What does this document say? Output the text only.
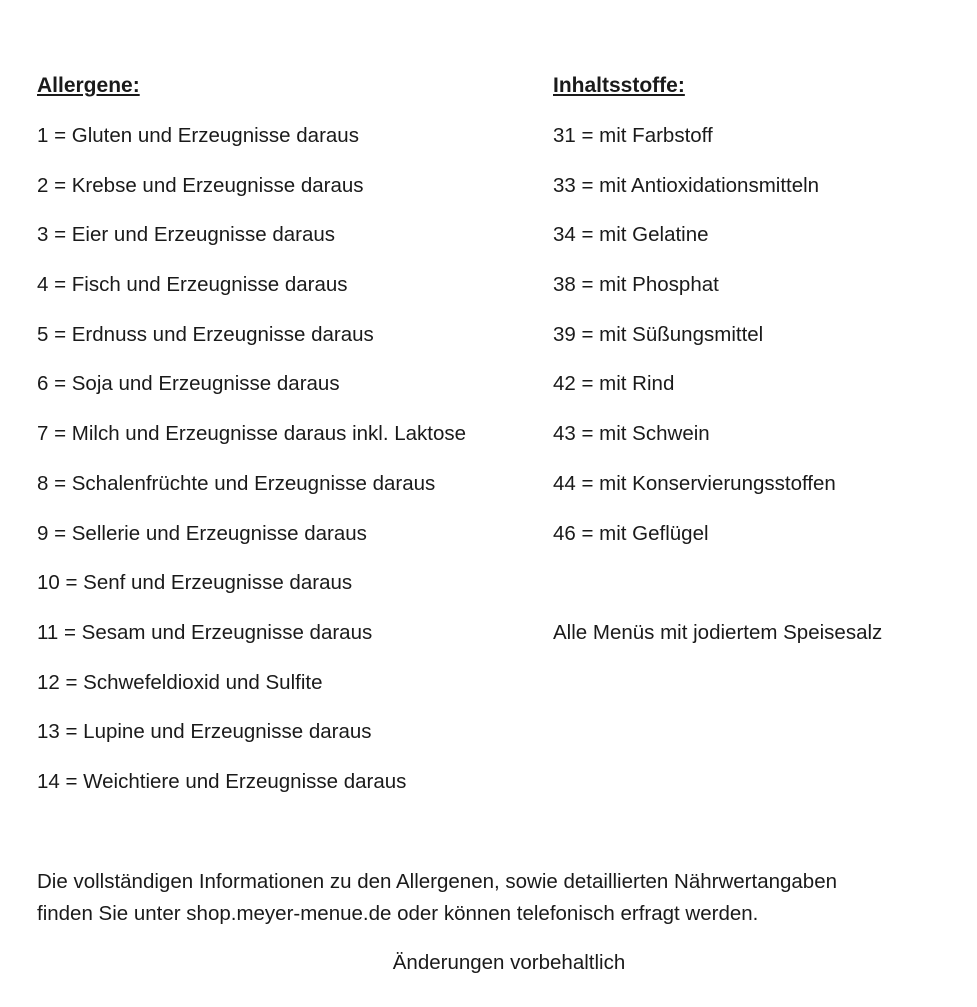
Allergene:
1 = Gluten und Erzeugnisse daraus
2 = Krebse und Erzeugnisse daraus
3 = Eier und Erzeugnisse daraus
4 = Fisch und Erzeugnisse daraus
5 = Erdnuss und Erzeugnisse daraus
6 = Soja und Erzeugnisse daraus
7 = Milch und Erzeugnisse daraus inkl. Laktose
8 = Schalenfrüchte und Erzeugnisse daraus
9 = Sellerie und Erzeugnisse daraus
10 = Senf und Erzeugnisse daraus
11 = Sesam und Erzeugnisse daraus
12 = Schwefeldioxid und Sulfite
13 = Lupine und Erzeugnisse daraus
14 = Weichtiere und Erzeugnisse daraus
Inhaltsstoffe:
31 = mit Farbstoff
33 = mit Antioxidationsmitteln
34 = mit Gelatine
38 = mit Phosphat
39 = mit Süßungsmittel
42 = mit Rind
43 = mit Schwein
44 = mit Konservierungsstoffen
46 = mit Geflügel
Alle Menüs mit jodiertem Speisesalz
Die vollständigen Informationen zu den Allergenen, sowie detaillierten Nährwertangaben
finden Sie unter shop.meyer-menue.de oder können telefonisch erfragt werden.
Änderungen vorbehaltlich
